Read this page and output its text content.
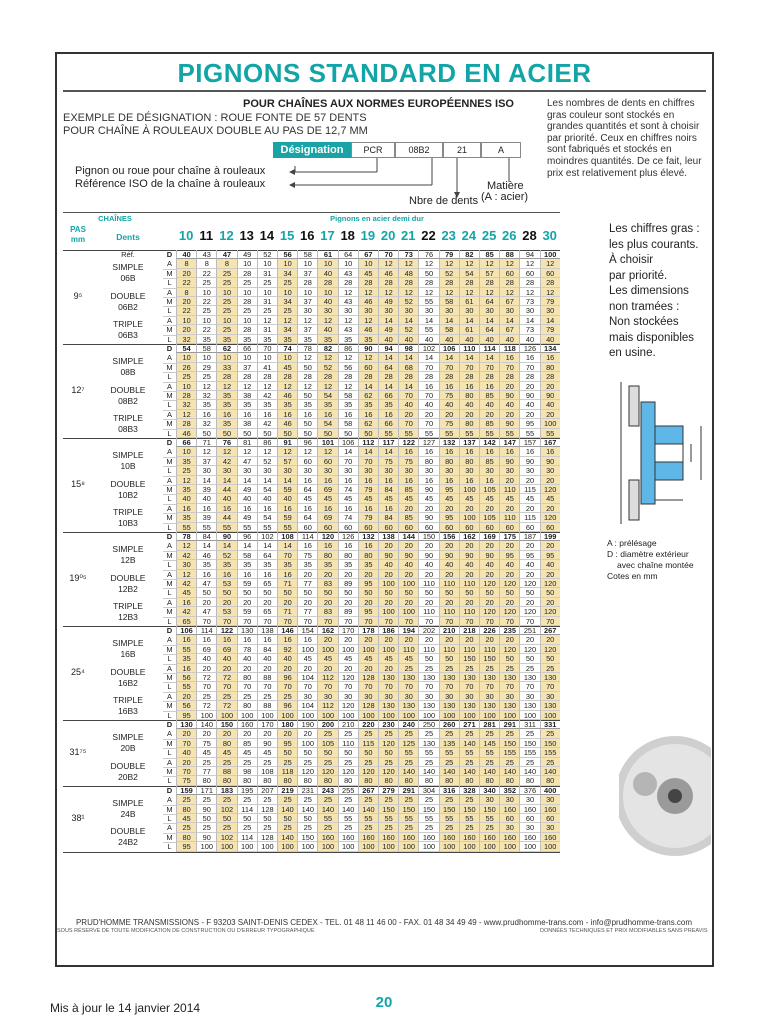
PIGNONS STANDARD EN ACIER
POUR CHAÎNES AUX NORMES EUROPÉENNES ISO
EXEMPLE DE DÉSIGNATION : ROUE FONTE DE 57 DENTS
POUR CHAÎNE À ROULEAUX DOUBLE AU PAS DE 12,7 MM
Désignation	PCR	08B2	21	A
Pignon ou roue pour chaîne à rouleaux
Référence ISO de la chaîne à rouleaux
Nbre de dents
Matière
(A : acier)
Les nombres de dents en chiffres gras couleur sont stockés en grandes quantités et sont à choisir par priorité. Ceux en chiffres noirs sont fabriqués et stockés en moindres quantités. De ce fait, leur prix est relativement plus élevé.
Les chiffres gras :
les plus courants.
À choisir
par priorité.
Les dimensions
non tramées :
Non stockées
mais disponibles
en usine.
A : prélésage
D : diamètre extérieur
avec chaîne montée
Cotes en mm
CHAÎNES	Pignons en acier demi dur
PAS mm	Dents	10 11 12 13 14 15 16 17 18 19 20 21 22 23 24 25 26 28 30
Réf.
9⁵
D	40	43	47	49	52	56	58	61	64	67	70	73	76	79	82	85	88	94	100
SIMPLE
06B
A	8	8	8	10	10	10	10	10	10	10	12	12	12	12	12	12	12	12	12
M	20	22	25	28	31	34	37	40	43	45	46	48	50	52	54	57	60	60	60
L	22	25	25	25	25	25	28	28	28	28	28	28	28	28	28	28	28	28	28
DOUBLE
06B2
A	8	10	10	10	10	10	10	10	12	12	12	12	12	12	12	12	12	12	12
M	20	22	25	28	31	34	37	40	43	46	49	52	55	58	61	64	67	73	79
L	22	25	25	25	25	25	30	30	30	30	30	30	30	30	30	30	30	30	30
TRIPLE
06B3
A	10	10	10	10	12	12	12	12	12	12	14	14	14	14	14	14	14	14	14
M	20	22	25	28	31	34	37	40	43	46	49	52	55	58	61	64	67	73	79
L	32	35	35	35	35	35	35	35	35	35	40	40	40	40	40	40	40	40	40
12⁷
D	54	58	62	66	70	74	78	82	86	90	94	98	102	106	110	114	118	126	134
SIMPLE
08B
A	10	10	10	10	10	10	12	12	12	12	14	14	14	14	14	14	16	16	16
M	26	29	33	37	41	45	50	52	56	60	64	68	70	70	70	70	70	70	80
L	25	25	28	28	28	28	28	28	28	28	28	28	28	28	28	28	28	28	28
DOUBLE
08B2
A	10	12	12	12	12	12	12	12	12	14	14	14	16	16	16	16	20	20	20
M	28	32	35	38	42	46	50	54	58	62	66	70	70	75	80	85	90	90	90
L	32	35	35	35	35	35	35	35	35	35	35	40	40	40	40	40	40	40	40
TRIPLE
08B3
A	12	16	16	16	16	16	16	16	16	16	16	20	20	20	20	20	20	20	20
M	28	32	35	38	42	46	50	54	58	62	66	70	70	75	80	85	90	95	100
L	46	50	50	50	50	50	50	50	50	50	55	55	55	55	55	55	55	55	55
15⁸
D	66	71	76	81	86	91	96	101	106	112	117	122	127	132	137	142	147	157	167
SIMPLE
10B
A	10	12	12	12	12	12	12	12	14	14	14	16	16	16	16	16	16	16	16
M	35	37	42	47	52	57	60	60	70	70	75	75	80	80	80	85	90	90	90
L	25	30	30	30	30	30	30	30	30	30	30	30	30	30	30	30	30	30	30
DOUBLE
10B2
A	12	14	14	14	14	14	16	16	16	16	16	16	16	16	16	16	20	20	20
M	35	39	44	49	54	59	64	69	74	79	84	85	90	95	100	105	110	115	120
L	40	40	40	40	40	40	45	45	45	45	45	45	45	45	45	45	45	45	45
TRIPLE
10B3
A	16	16	16	16	16	16	16	16	16	16	16	20	20	20	20	20	20	20	20
M	35	39	44	49	54	59	64	69	74	79	84	85	90	95	100	105	110	115	120
L	55	55	55	55	55	55	60	60	60	60	60	60	60	60	60	60	60	60	60
19⁰⁵
D	78	84	90	96	102	108	114	120	126	132	138	144	150	156	162	169	175	187	199
SIMPLE
12B
A	12	14	14	14	14	14	16	16	16	16	20	20	20	20	20	20	20	20	20
M	42	46	52	58	64	70	75	80	80	80	90	90	90	90	90	90	95	95	95
L	30	35	35	35	35	35	35	35	35	35	40	40	40	40	40	40	40	40	40
DOUBLE
12B2
A	12	16	16	16	16	16	20	20	20	20	20	20	20	20	20	20	20	20	20
M	42	47	53	59	65	71	77	83	89	95	100	100	110	110	110	120	120	120	120
L	45	50	50	50	50	50	50	50	50	50	50	50	50	50	50	50	50	50	50
TRIPLE
12B3
A	16	20	20	20	20	20	20	20	20	20	20	20	20	20	20	20	20	20	20
M	42	47	53	59	65	71	77	83	89	95	100	100	110	110	110	120	120	120	120
L	65	70	70	70	70	70	70	70	70	70	70	70	70	70	70	70	70	70	70
25⁴
D	106	114	122	130	138	146	154	162	170	178	186	194	202	210	218	226	235	251	267
SIMPLE
16B
A	16	16	16	16	16	16	16	20	20	20	20	20	20	20	20	20	20	20	20
M	55	69	69	78	84	92	100	100	100	100	100	110	110	110	110	110	120	120	120
L	35	40	40	40	40	40	45	45	45	45	45	45	50	50	150	150	50	50	50
DOUBLE
16B2
A	16	20	20	20	20	20	20	20	20	20	20	25	25	25	25	25	25	25	25
M	56	72	72	80	88	96	104	112	120	128	130	130	130	130	130	130	130	130	130
L	55	70	70	70	70	70	70	70	70	70	70	70	70	70	70	70	70	70	70
TRIPLE
16B3
A	20	25	25	25	25	25	30	30	30	30	30	30	30	30	30	30	30	30	30
M	56	72	72	80	88	96	104	112	120	128	130	130	130	130	130	130	130	130	130
L	95	100	100	100	100	100	100	100	100	100	100	100	100	100	100	100	100	100	100
31⁷⁵
D	130	140	150	160	170	180	190	200	210	220	230	240	250	260	271	281	291	311	331
SIMPLE
20B
A	20	20	20	20	20	20	20	25	25	25	25	25	25	25	25	25	25	25	25
M	70	75	80	85	90	95	100	105	110	115	120	125	130	135	140	145	150	150	150
L	40	45	45	45	45	50	50	50	50	50	50	55	55	55	55	55	155	155	155
DOUBLE
20B2
A	20	25	25	25	25	25	25	25	25	25	25	25	25	25	25	25	25	25	25
M	70	77	88	98	108	118	120	120	120	120	120	140	140	140	140	140	140	140	140
L	75	80	80	80	80	80	80	80	80	80	80	80	80	80	80	80	80	80	80
38¹
D	159	171	183	195	207	219	231	243	255	267	279	291	304	316	328	340	352	376	400
SIMPLE
24B
A	25	25	25	25	25	25	25	25	25	25	25	25	25	25	25	30	30	30	30
M	80	90	102	114	128	140	140	140	140	140	150	150	150	150	150	150	160	160	160
L	45	50	50	50	50	50	50	55	55	55	55	55	55	55	55	55	60	60	60
DOUBLE
24B2
A	25	25	25	25	25	25	25	25	25	25	25	25	25	25	25	25	30	30	30
M	80	90	102	114	128	140	150	160	160	160	160	160	160	160	160	160	160	160	160
L	95	100	100	100	100	100	100	100	100	100	100	100	100	100	100	100	100	100	100
PRUD'HOMME TRANSMISSIONS - F 93203 SAINT-DENIS CEDEX - TEL. 01 48 11 46 00 - FAX. 01 48 34 49 49 - www.prudhomme-trans.com - info@prudhomme-trans.com
SOUS RÉSERVE DE TOUTE MODIFICATION DE CONSTRUCTION OU D'ERREUR TYPOGRAPHIQUE	DONNÉES TECHNIQUES ET PRIX MODIFIABLES SANS PREAVIS
20
Mis à jour le 14 janvier 2014
